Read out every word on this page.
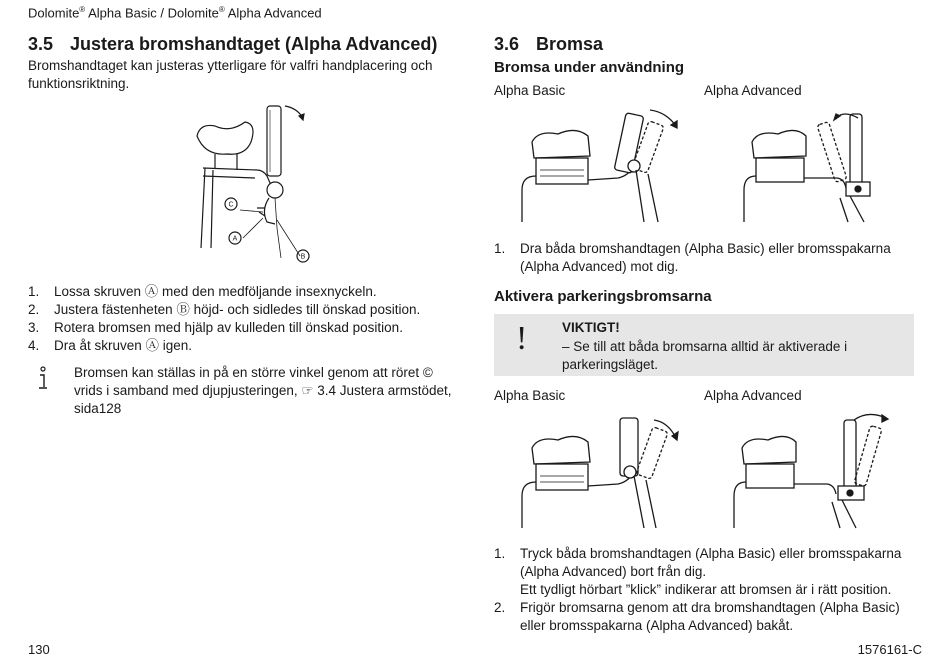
Dolomite® Alpha Basic / Dolomite® Alpha Advanced
3.5 Justera bromshandtaget (Alpha Advanced)
Bromshandtaget kan justeras ytterligare för valfri handplacering och funktionsriktning.
C
A
B
1. Lossa skruven Ⓐ med den medföljande insexnyckeln.
2. Justera fästenheten Ⓑ höjd- och sidledes till önskad position.
3. Rotera bromsen med hjälp av kulleden till önskad position.
4. Dra åt skruven Ⓐ igen.
Bromsen kan ställas in på en större vinkel genom att röret © vrids i samband med djupjusteringen, ☞ 3.4 Justera armstödet, sida128
3.6 Bromsa
Bromsa under användning
Alpha Basic	Alpha Advanced
1. Dra båda bromshandtagen (Alpha Basic) eller bromsspakarna (Alpha Advanced) mot dig.
Aktivera parkeringsbromsarna
!	VIKTIGT!
– Se till att båda bromsarna alltid är aktiverade i parkeringsläget.
Alpha Basic	Alpha Advanced
1. Tryck båda bromshandtagen (Alpha Basic) eller bromsspakarna (Alpha Advanced) bort från dig.
Ett tydligt hörbart ”klick” indikerar att bromsen är i rätt position.
2. Frigör bromsarna genom att dra bromshandtagen (Alpha Basic) eller bromsspakarna (Alpha Advanced) bakåt.
130	1576161-C
